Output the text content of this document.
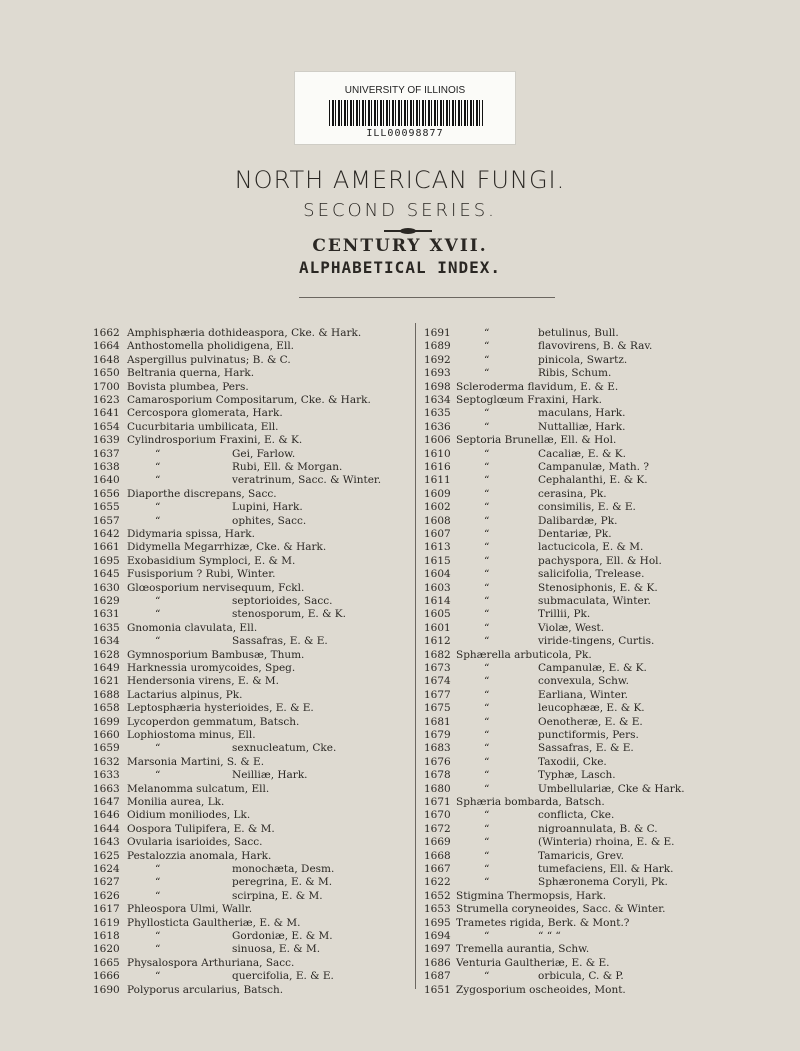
UNIVERSITY OF ILLINOIS
ILL00098877
NORTH AMERICAN FUNGI.
SECOND SERIES.
CENTURY XVII.
ALPHABETICAL INDEX.
1662 Amphisphæria dothideaspora, Cke. & Hark.
1664 Anthostomella pholidigena, Ell.
1648 Aspergillus pulvinatus; B. & C.
1650 Beltrania querna, Hark.
1700 Bovista plumbea, Pers.
1623 Camarosporium Compositarum, Cke. & Hark.
1641 Cercospora glomerata, Hark.
1654 Cucurbitaria umbilicata, Ell.
1639 Cylindrosporium Fraxini, E. & K.
1637	“	Gei, Farlow.
1638	“	Rubi, Ell. & Morgan.
1640	“	veratrinum, Sacc. & Winter.
1656 Diaporthe discrepans, Sacc.
1655	“	Lupini, Hark.
1657	“	ophites, Sacc.
1642 Didymaria spissa, Hark.
1661 Didymella Megarrhizæ, Cke. & Hark.
1695 Exobasidium Symploci, E. & M.
1645 Fusisporium ? Rubi, Winter.
1630 Glœosporium nervisequum, Fckl.
1629	“	septorioides, Sacc.
1631	“	stenosporum, E. & K.
1635 Gnomonia clavulata, Ell.
1634	“	Sassafras, E. & E.
1628 Gymnosporium Bambusæ, Thum.
1649 Harknessia uromycoides, Speg.
1621 Hendersonia virens, E. & M.
1688 Lactarius alpinus, Pk.
1658 Leptosphæria hysterioides, E. & E.
1699 Lycoperdon gemmatum, Batsch.
1660 Lophiostoma minus, Ell.
1659	“	sexnucleatum, Cke.
1632 Marsonia Martini, S. & E.
1633	“	Neilliæ, Hark.
1663 Melanomma sulcatum, Ell.
1647 Monilia aurea, Lk.
1646 Oidium moniliodes, Lk.
1644 Oospora Tulipifera, E. & M.
1643 Ovularia isarioides, Sacc.
1625 Pestalozzia anomala, Hark.
1624	“	monochæta, Desm.
1627	“	peregrina, E. & M.
1626	“	scirpina, E. & M.
1617 Phleospora Ulmi, Wallr.
1619 Phyllosticta Gaultheriæ, E. & M.
1618	“	Gordoniæ, E. & M.
1620	“	sinuosa, E. & M.
1665 Physalospora Arthuriana, Sacc.
1666	“	quercifolia, E. & E.
1690 Polyporus arcularius, Batsch.
1691	“	betulinus, Bull.
1689	“	flavovirens, B. & Rav.
1692	“	pinicola, Swartz.
1693	“	Ribis, Schum.
1698 Scleroderma flavidum, E. & E.
1634 Septoglœum Fraxini, Hark.
1635	“	maculans, Hark.
1636	“	Nuttalliæ, Hark.
1606 Septoria Brunellæ, Ell. & Hol.
1610	“	Cacaliæ, E. & K.
1616	“	Campanulæ, Math. ?
1611	“	Cephalanthi, E. & K.
1609	“	cerasina, Pk.
1602	“	consimilis, E. & E.
1608	“	Dalibardæ, Pk.
1607	“	Dentariæ, Pk.
1613	“	lactucicola, E. & M.
1615	“	pachyspora, Ell. & Hol.
1604	“	salicifolia, Trelease.
1603	“	Stenosiphonis, E. & K.
1614	“	submaculata, Winter.
1605	“	Trillii, Pk.
1601	“	Violæ, West.
1612	“	viride-tingens, Curtis.
1682 Sphærella arbuticola, Pk.
1673	“	Campanulæ, E. & K.
1674	“	convexula, Schw.
1677	“	Earliana, Winter.
1675	“	leucophææ, E. & K.
1681	“	Oenotheræ, E. & E.
1679	“	punctiformis, Pers.
1683	“	Sassafras, E. & E.
1676	“	Taxodii, Cke.
1678	“	Typhæ, Lasch.
1680	“	Umbellulariæ, Cke & Hark.
1671 Sphæria bombarda, Batsch.
1670	“	conflicta, Cke.
1672	“	nigroannulata, B. & C.
1669	“	(Winteria) rhoina, E. & E.
1668	“	Tamaricis, Grev.
1667	“	tumefaciens, Ell. & Hark.
1622	“	Sphæronema Coryli, Pk.
1652 Stigmina Thermopsis, Hark.
1653 Strumella coryneoides, Sacc. & Winter.
1695 Trametes rigida, Berk. & Mont.?
1694	“	“ “ “
1697 Tremella aurantia, Schw.
1686 Venturia Gaultheriæ, E. & E.
1687	“	orbicula, C. & P.
1651 Zygosporium oscheoides, Mont.
